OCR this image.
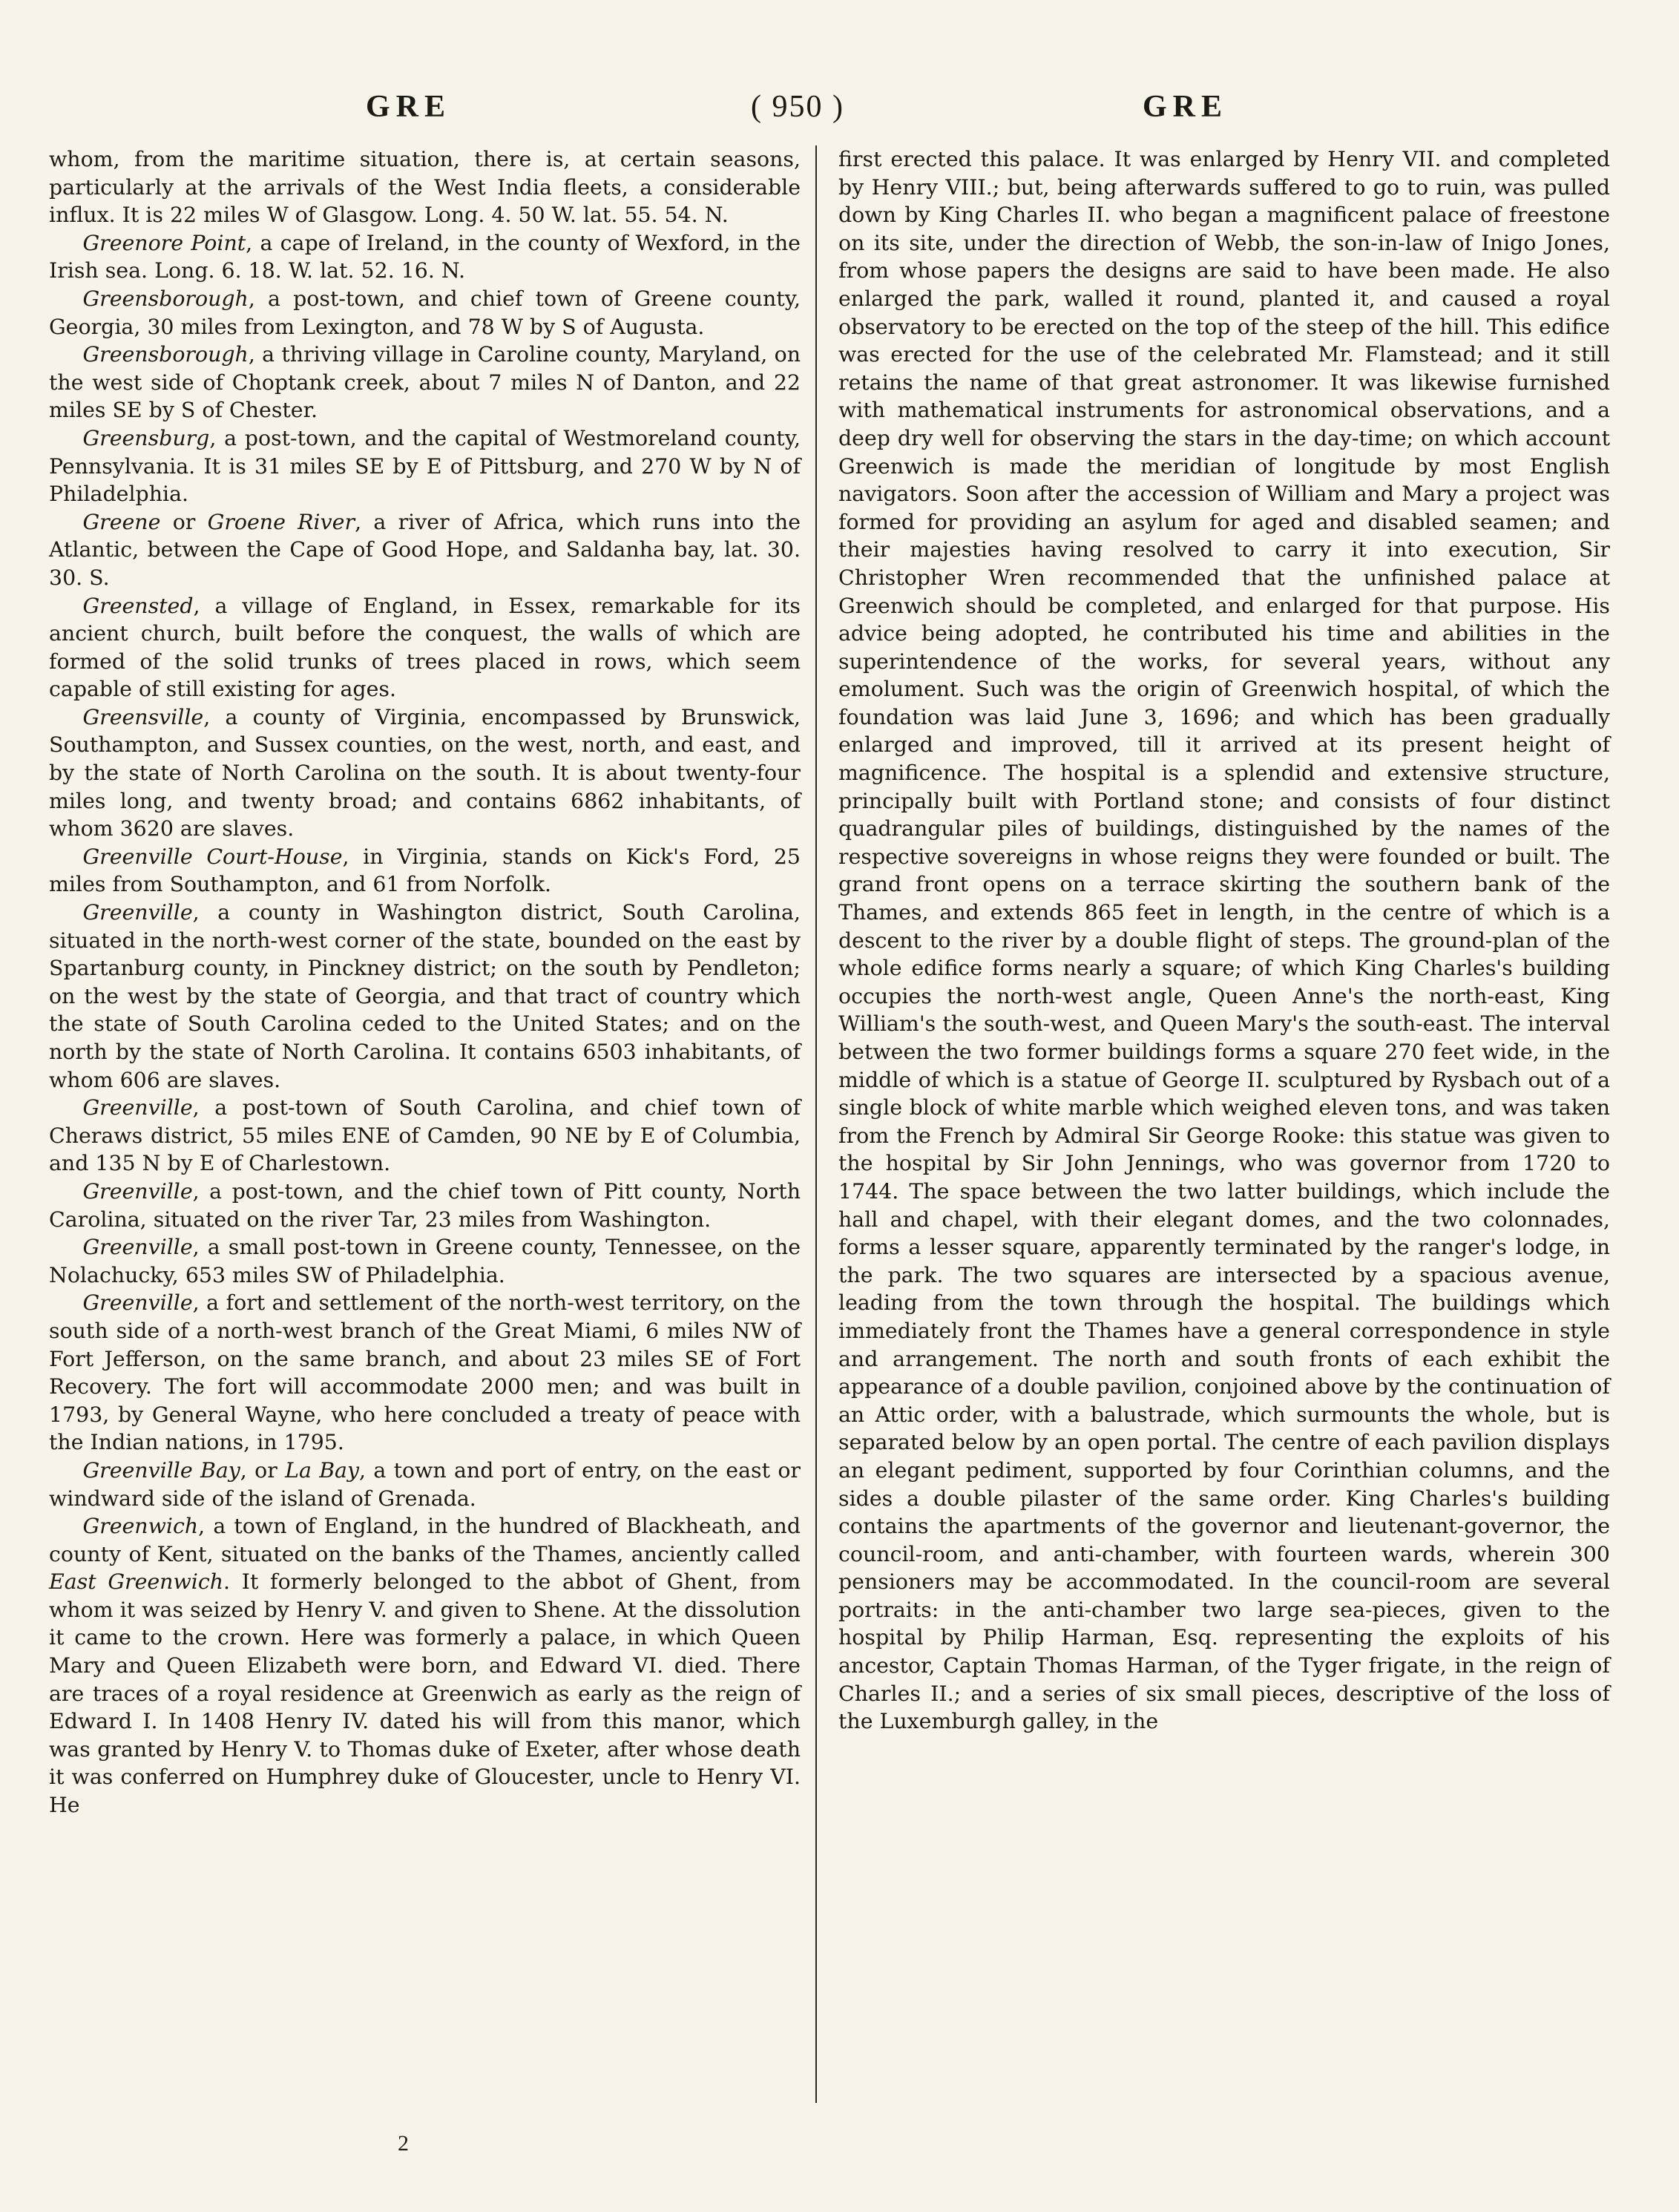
GRE	( 950 )	GRE

whom, from the maritime situation, there is, at certain seasons, particularly at the arrivals of the West India fleets, a considerable influx. It is 22 miles W of Glasgow. Long. 4. 50 W. lat. 55. 54. N.

Greenore Point, a cape of Ireland, in the county of Wexford, in the Irish sea. Long. 6. 18. W. lat. 52. 16. N.

Greensborough, a post-town, and chief town of Greene county, Georgia, 30 miles from Lexington, and 78 W by S of Augusta.

Greensborough, a thriving village in Caroline county, Maryland, on the west side of Choptank creek, about 7 miles N of Danton, and 22 miles SE by S of Chester.

Greensburg, a post-town, and the capital of Westmoreland county, Pennsylvania. It is 31 miles SE by E of Pittsburg, and 270 W by N of Philadelphia.

Greene or Groene River, a river of Africa, which runs into the Atlantic, between the Cape of Good Hope, and Saldanha bay, lat. 30. 30. S.

Greensted, a village of England, in Essex, remarkable for its ancient church, built before the conquest, the walls of which are formed of the solid trunks of trees placed in rows, which seem capable of still existing for ages.

Greensville, a county of Virginia, encompassed by Brunswick, Southampton, and Sussex counties, on the west, north, and east, and by the state of North Carolina on the south. It is about twenty-four miles long, and twenty broad; and contains 6862 inhabitants, of whom 3620 are slaves.

Greenville Court-House, in Virginia, stands on Kick's Ford, 25 miles from Southampton, and 61 from Norfolk.

Greenville, a county in Washington district, South Carolina, situated in the north-west corner of the state, bounded on the east by Spartanburg county, in Pinckney district; on the south by Pendleton; on the west by the state of Georgia, and that tract of country which the state of South Carolina ceded to the United States; and on the north by the state of North Carolina. It contains 6503 inhabitants, of whom 606 are slaves.

Greenville, a post-town of South Carolina, and chief town of Cheraws district, 55 miles ENE of Camden, 90 NE by E of Columbia, and 135 N by E of Charlestown.

Greenville, a post-town, and the chief town of Pitt county, North Carolina, situated on the river Tar, 23 miles from Washington.

Greenville, a small post-town in Greene county, Tennessee, on the Nolachucky, 653 miles SW of Philadelphia.

Greenville, a fort and settlement of the north-west territory, on the south side of a north-west branch of the Great Miami, 6 miles NW of Fort Jefferson, on the same branch, and about 23 miles SE of Fort Recovery. The fort will accommodate 2000 men; and was built in 1793, by General Wayne, who here concluded a treaty of peace with the Indian nations, in 1795.

Greenville Bay, or La Bay, a town and port of entry, on the east or windward side of the island of Grenada.

Greenwich, a town of England, in the hundred of Blackheath, and county of Kent, situated on the banks of the Thames, anciently called East Greenwich. It formerly belonged to the abbot of Ghent, from whom it was seized by Henry V. and given to Shene. At the dissolution it came to the crown. Here was formerly a palace, in which Queen Mary and Queen Elizabeth were born, and Edward VI. died. There are traces of a royal residence at Greenwich as early as the reign of Edward I. In 1408 Henry IV. dated his will from this manor, which was granted by Henry V. to Thomas duke of Exeter, after whose death it was conferred on Humphrey duke of Gloucester, uncle to Henry VI. He

first erected this palace. It was enlarged by Henry VII. and completed by Henry VIII.; but, being afterwards suffered to go to ruin, was pulled down by King Charles II. who began a magnificent palace of freestone on its site, under the direction of Webb, the son-in-law of Inigo Jones, from whose papers the designs are said to have been made. He also enlarged the park, walled it round, planted it, and caused a royal observatory to be erected on the top of the steep of the hill. This edifice was erected for the use of the celebrated Mr. Flamstead; and it still retains the name of that great astronomer. It was likewise furnished with mathematical instruments for astronomical observations, and a deep dry well for observing the stars in the day-time; on which account Greenwich is made the meridian of longitude by most English navigators. Soon after the accession of William and Mary a project was formed for providing an asylum for aged and disabled seamen; and their majesties having resolved to carry it into execution, Sir Christopher Wren recommended that the unfinished palace at Greenwich should be completed, and enlarged for that purpose. His advice being adopted, he contributed his time and abilities in the superintendence of the works, for several years, without any emolument. Such was the origin of Greenwich hospital, of which the foundation was laid June 3, 1696; and which has been gradually enlarged and improved, till it arrived at its present height of magnificence. The hospital is a splendid and extensive structure, principally built with Portland stone; and consists of four distinct quadrangular piles of buildings, distinguished by the names of the respective sovereigns in whose reigns they were founded or built. The grand front opens on a terrace skirting the southern bank of the Thames, and extends 865 feet in length, in the centre of which is a descent to the river by a double flight of steps. The ground-plan of the whole edifice forms nearly a square; of which King Charles's building occupies the north-west angle, Queen Anne's the north-east, King William's the south-west, and Queen Mary's the south-east. The interval between the two former buildings forms a square 270 feet wide, in the middle of which is a statue of George II. sculptured by Rysbach out of a single block of white marble which weighed eleven tons, and was taken from the French by Admiral Sir George Rooke: this statue was given to the hospital by Sir John Jennings, who was governor from 1720 to 1744. The space between the two latter buildings, which include the hall and chapel, with their elegant domes, and the two colonnades, forms a lesser square, apparently terminated by the ranger's lodge, in the park. The two squares are intersected by a spacious avenue, leading from the town through the hospital. The buildings which immediately front the Thames have a general correspondence in style and arrangement. The north and south fronts of each exhibit the appearance of a double pavilion, conjoined above by the continuation of an Attic order, with a balustrade, which surmounts the whole, but is separated below by an open portal. The centre of each pavilion displays an elegant pediment, supported by four Corinthian columns, and the sides a double pilaster of the same order. King Charles's building contains the apartments of the governor and lieutenant-governor, the council-room, and anti-chamber, with fourteen wards, wherein 300 pensioners may be accommodated. In the council-room are several portraits: in the anti-chamber two large sea-pieces, given to the hospital by Philip Harman, Esq. representing the exploits of his ancestor, Captain Thomas Harman, of the Tyger frigate, in the reign of Charles II.; and a series of six small pieces, descriptive of the loss of the Luxemburgh galley, in the

2
